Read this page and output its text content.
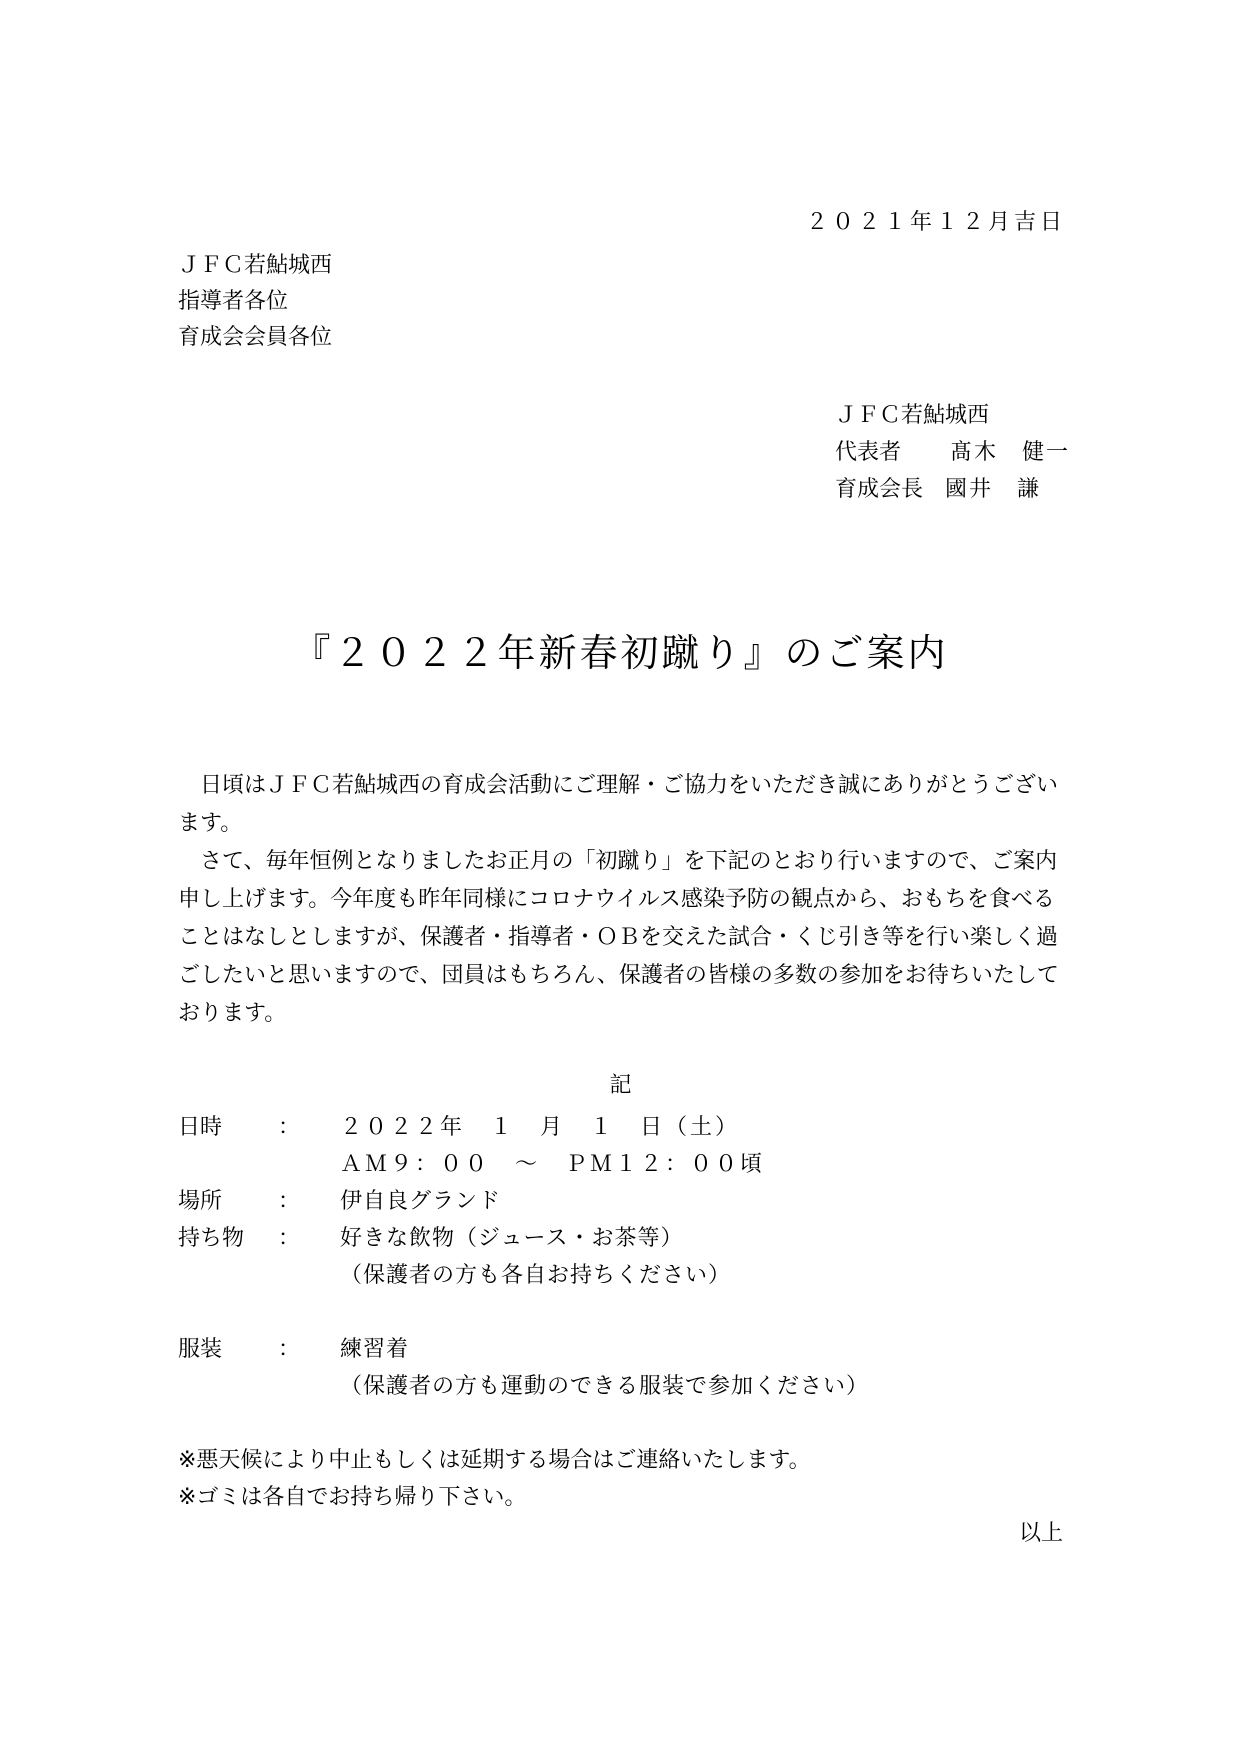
２０２１年１２月吉日
ＪＦＣ若鮎城西
指導者各位
育成会会員各位
ＪＦＣ若鮎城西
代表者	髙木　健一
育成会長 國井　謙
『２０２２年新春初蹴り』のご案内

日頃はＪＦＣ若鮎城西の育成会活動にご理解・ご協力をいただき誠にありがとうございます。

さて、毎年恒例となりましたお正月の「初蹴り」を下記のとおり行いますので、ご案内申し上げます。今年度も昨年同様にコロナウイルス感染予防の観点から、おもちを食べることはなしとしますが、保護者・指導者・ＯＢを交えた試合・くじ引き等を行い楽しく過ごしたいと思いますので、団員はもちろん、保護者の皆様の多数の参加をお待ちいたしております。

記
日時	：	２０２２年　１　月　１　日（土）
ＡＭ９：００　～　ＰＭ１２：００頃
場所	：	伊自良グランド
持ち物	：	好きな飲物（ジュース・お茶等）
（保護者の方も各自お持ちください）
服装	：	練習着
（保護者の方も運動のできる服装で参加ください）
※悪天候により中止もしくは延期する場合はご連絡いたします。
※ゴミは各自でお持ち帰り下さい。
以上
